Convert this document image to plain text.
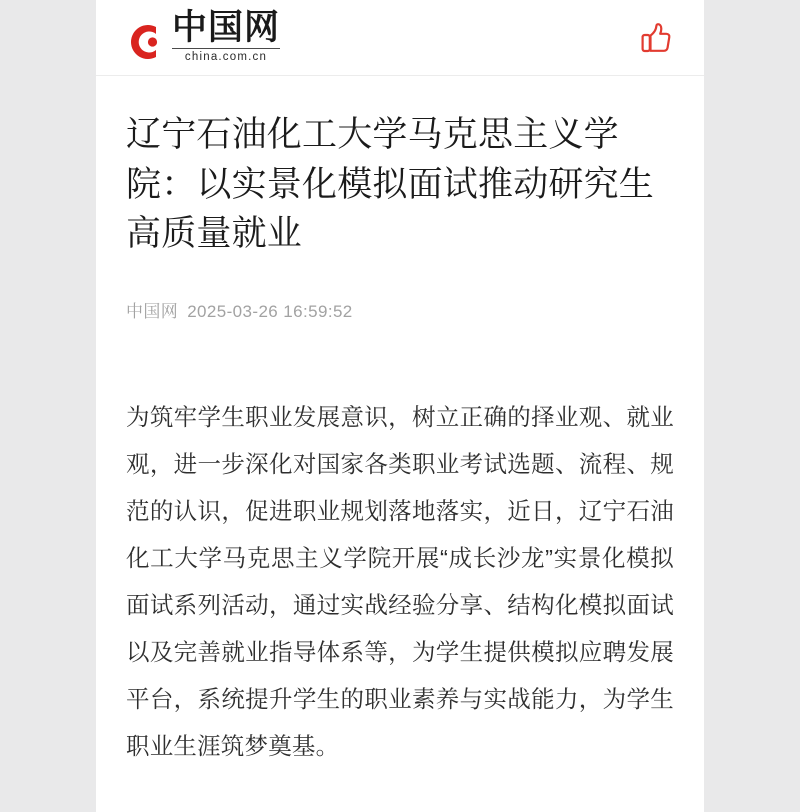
中国网
china.com.cn
辽宁石油化工大学马克思主义学院：以实景化模拟面试推动研究生高质量就业
中国网 2025-03-26 16:59:52

为筑牢学生职业发展意识，树立正确的择业观、就业观，进一步深化对国家各类职业考试选题、流程、规范的认识，促进职业规划落地落实，近日，辽宁石油化工大学马克思主义学院开展“成长沙龙”实景化模拟面试系列活动，通过实战经验分享、结构化模拟面试以及完善就业指导体系等，为学生提供模拟应聘发展平台，系统提升学生的职业素养与实战能力，为学生职业生涯筑梦奠基。
